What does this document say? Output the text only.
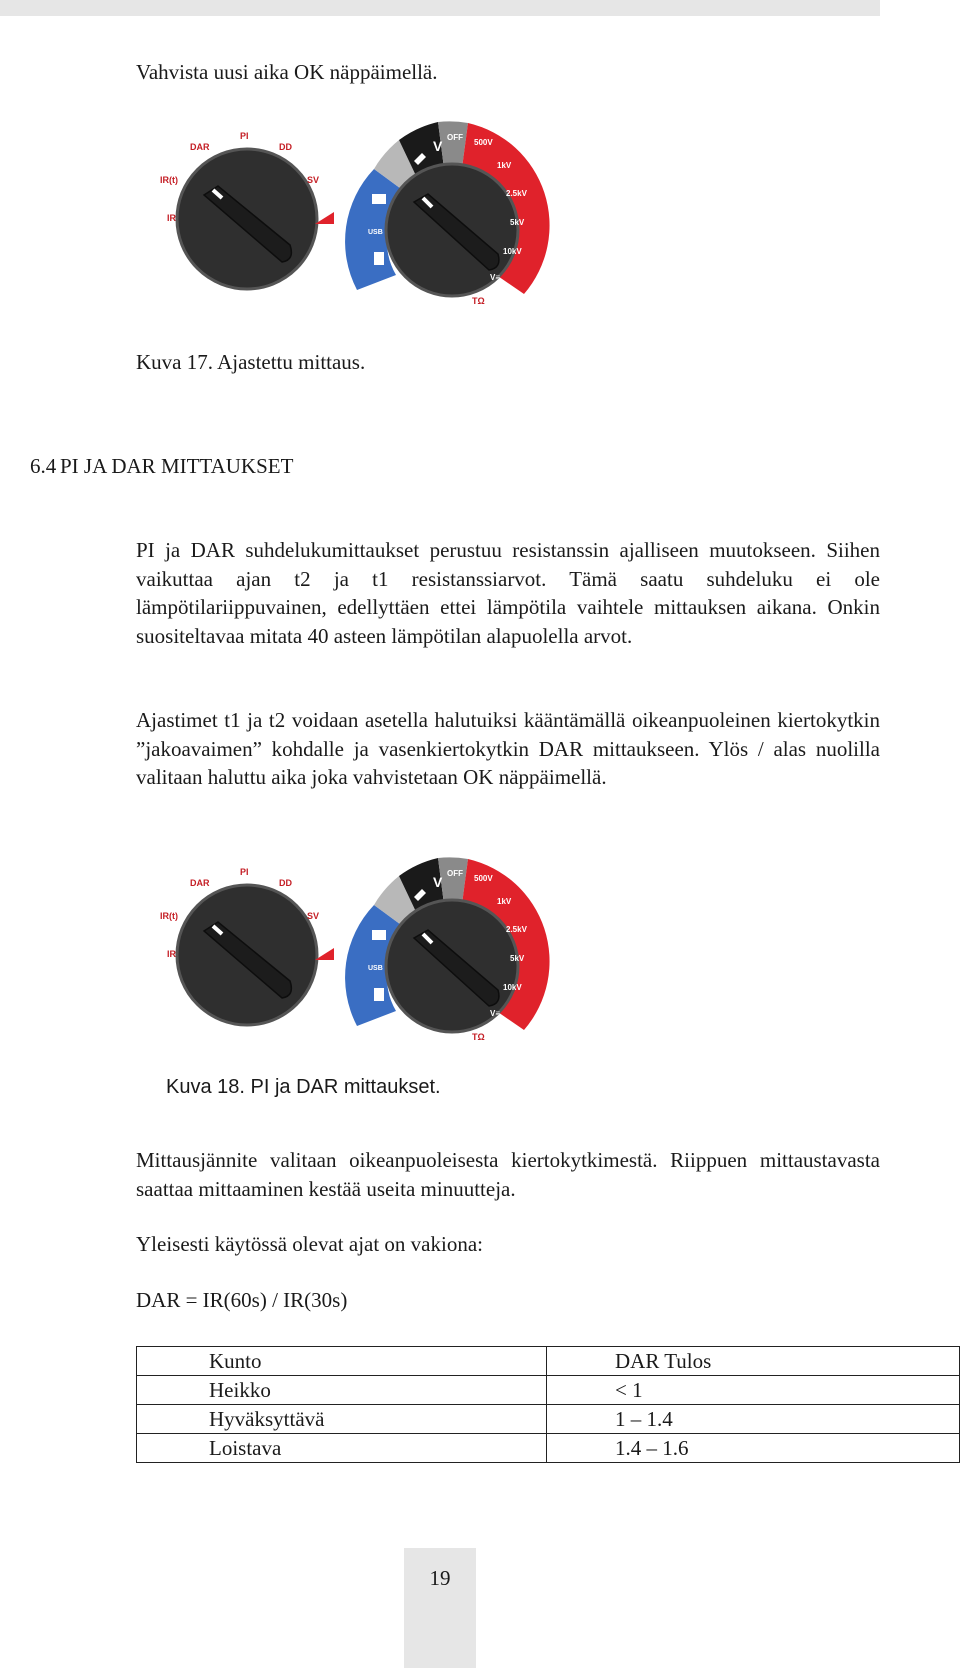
Vahvista uusi aika OK näppäimellä.
Kuva 17. Ajastettu mittaus.
6.4 PI JA DAR MITTAUKSET
PI ja DAR suhdelukumittaukset perustuu resistanssin ajalliseen muutokseen. Siihen vaikuttaa ajan t2 ja t1 resistanssiarvot. Tämä saatu suhdeluku ei ole lämpötilariippuvainen, edellyttäen ettei lämpötila vaihtele mittauksen aikana. Onkin suositeltavaa mitata 40 asteen lämpötilan alapuolella arvot.
Ajastimet t1 ja t2 voidaan asetella halutuiksi kääntämällä oikeanpuoleinen kiertokytkin ”jakoavaimen” kohdalle ja vasenkiertokytkin DAR mittaukseen. Ylös / alas nuolilla valitaan haluttu aika joka vahvistetaan OK näppäimellä.
Kuva 18. PI ja DAR mittaukset.
Mittausjännite valitaan oikeanpuoleisesta kiertokytkimestä. Riippuen mittaustavasta saattaa mittaaminen kestää useita minuutteja.
Yleisesti käytössä olevat ajat on vakiona:
DAR = IR(60s) / IR(30s)
Kunto	DAR Tulos
Heikko	< 1
Hyväksyttävä	1 – 1.4
Loistava	1.4 – 1.6
19
